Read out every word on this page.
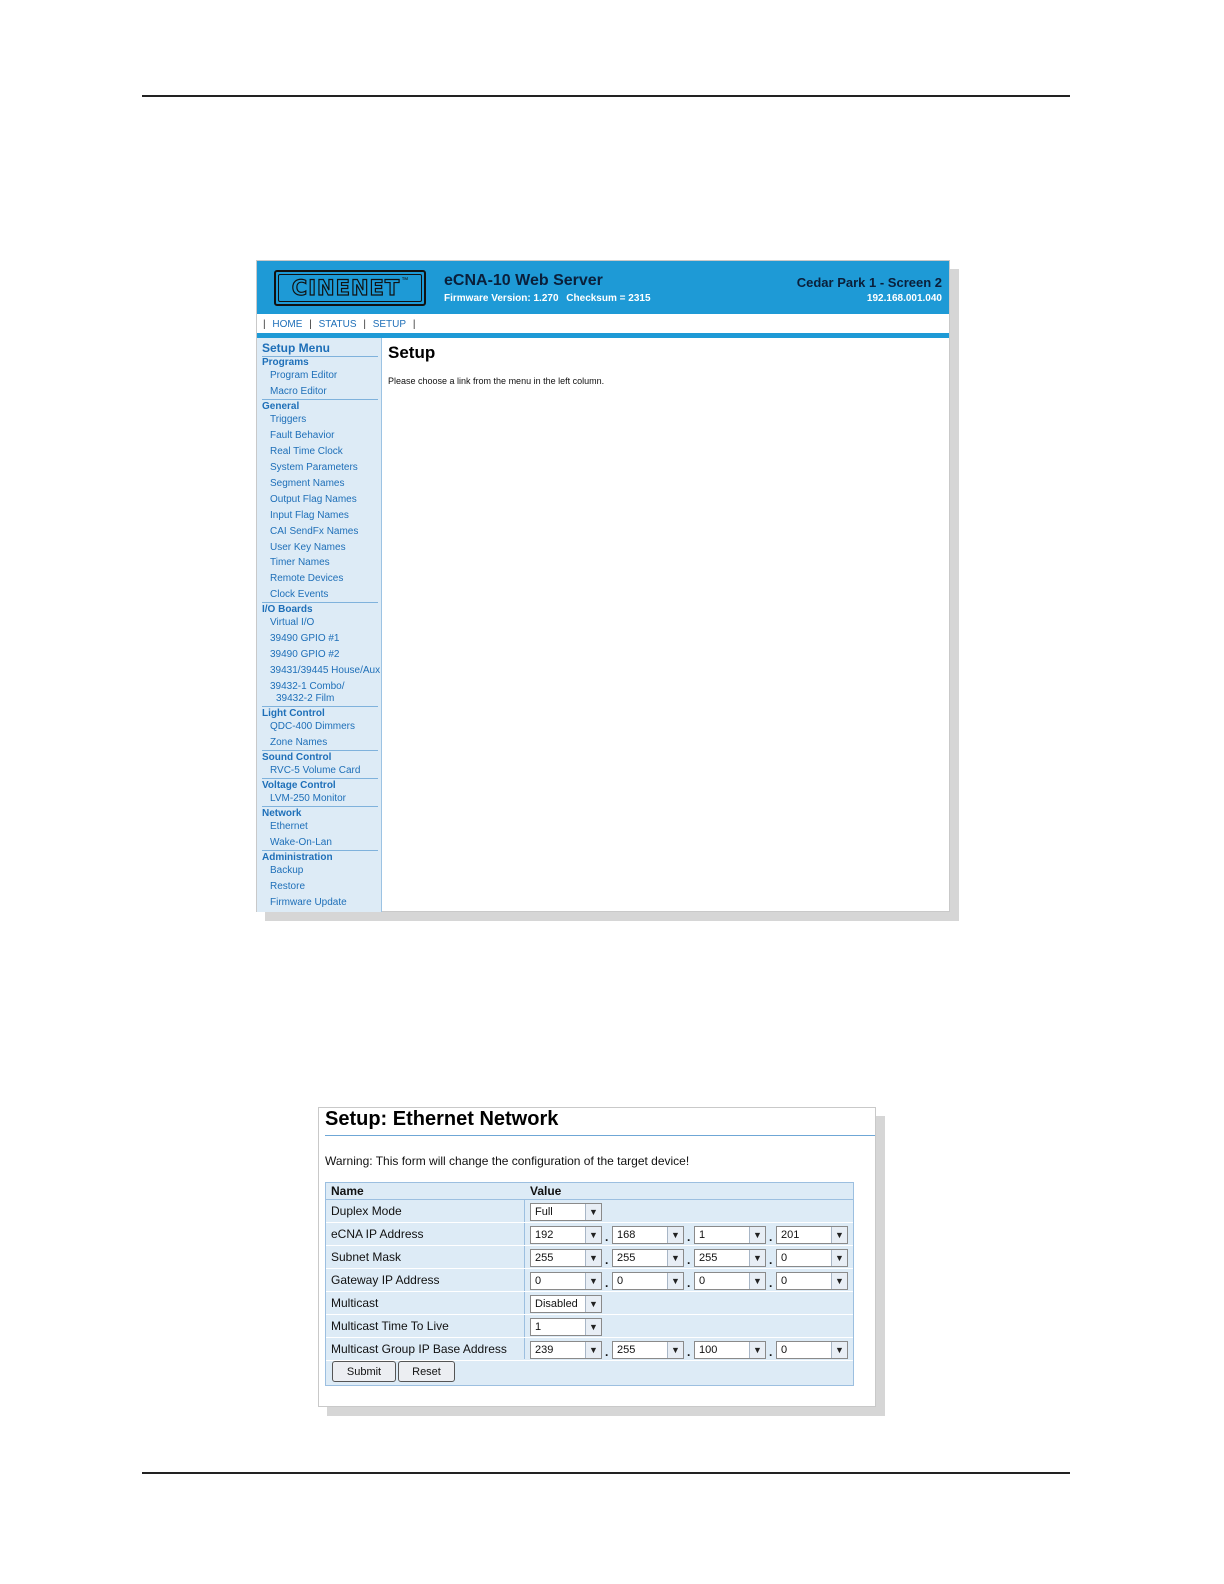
CINENET ™ eCNA-10 Web Server
Firmware Version: 1.270 Checksum = 2315
Cedar Park 1 - Screen 2
192.168.001.040
| HOME | STATUS | SETUP |
Setup Menu
Programs
Program Editor
Macro Editor
General
Triggers
Fault Behavior
Real Time Clock
System Parameters
Segment Names
Output Flag Names
Input Flag Names
CAI SendFx Names
User Key Names
Timer Names
Remote Devices
Clock Events
I/O Boards
Virtual I/O
39490 GPIO #1
39490 GPIO #2
39431/39445 House/Aux
39432-1 Combo/
39432-2 Film
Light Control
QDC-400 Dimmers
Zone Names
Sound Control
RVC-5 Volume Card
Voltage Control
LVM-250 Monitor
Network
Ethernet
Wake-On-Lan
Administration
Backup
Restore
Firmware Update
Setup
Please choose a link from the menu in the left column.
Setup: Ethernet Network
Warning: This form will change the configuration of the target device!
Name	Value
Duplex Mode	Full	▼
eCNA IP Address	192	▼ . 168	▼ . 1	▼ . 201	▼
Subnet Mask	255	▼ . 255	▼ . 255	▼ . 0	▼
Gateway IP Address	0	▼ . 0	▼ . 0	▼ . 0	▼
Multicast	Disabled	▼
Multicast Time To Live	1	▼
Multicast Group IP Base Address	239	▼ . 255	▼ . 100	▼ . 0	▼
Submit	Reset
